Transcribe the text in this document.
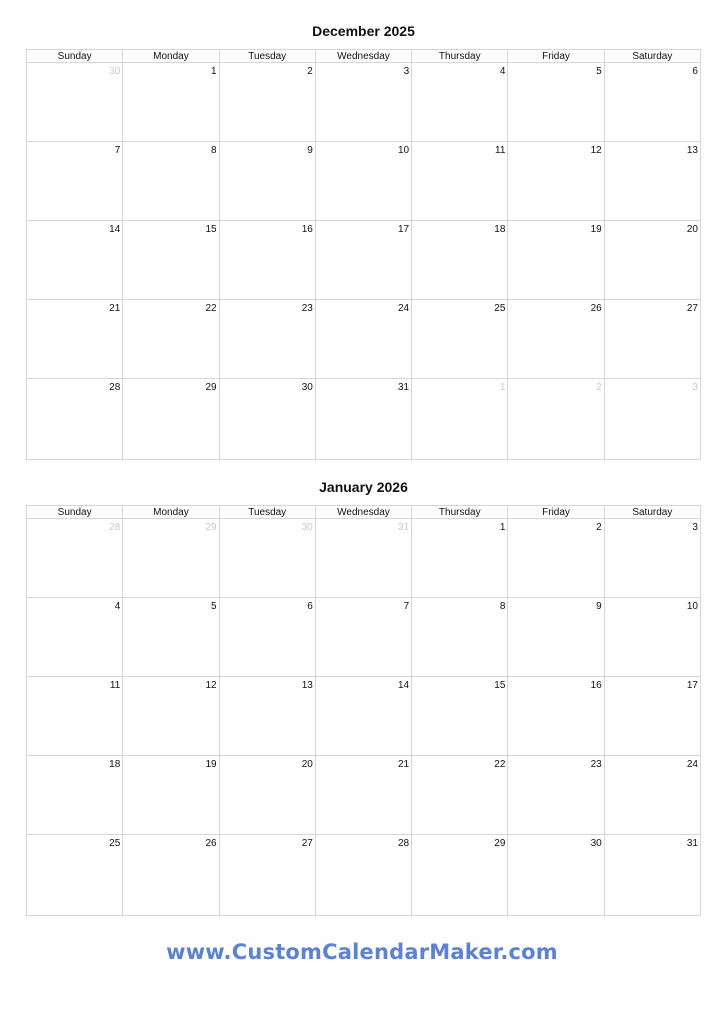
December 2025
Sunday	Monday	Tuesday	Wednesday	Thursday	Friday	Saturday
30	1	2	3	4	5	6
7	8	9	10	11	12	13
14	15	16	17	18	19	20
21	22	23	24	25	26	27
28	29	30	31	1	2	3
January 2026
Sunday	Monday	Tuesday	Wednesday	Thursday	Friday	Saturday
28	29	30	31	1	2	3
4	5	6	7	8	9	10
11	12	13	14	15	16	17
18	19	20	21	22	23	24
25	26	27	28	29	30	31
www.CustomCalendarMaker.com
